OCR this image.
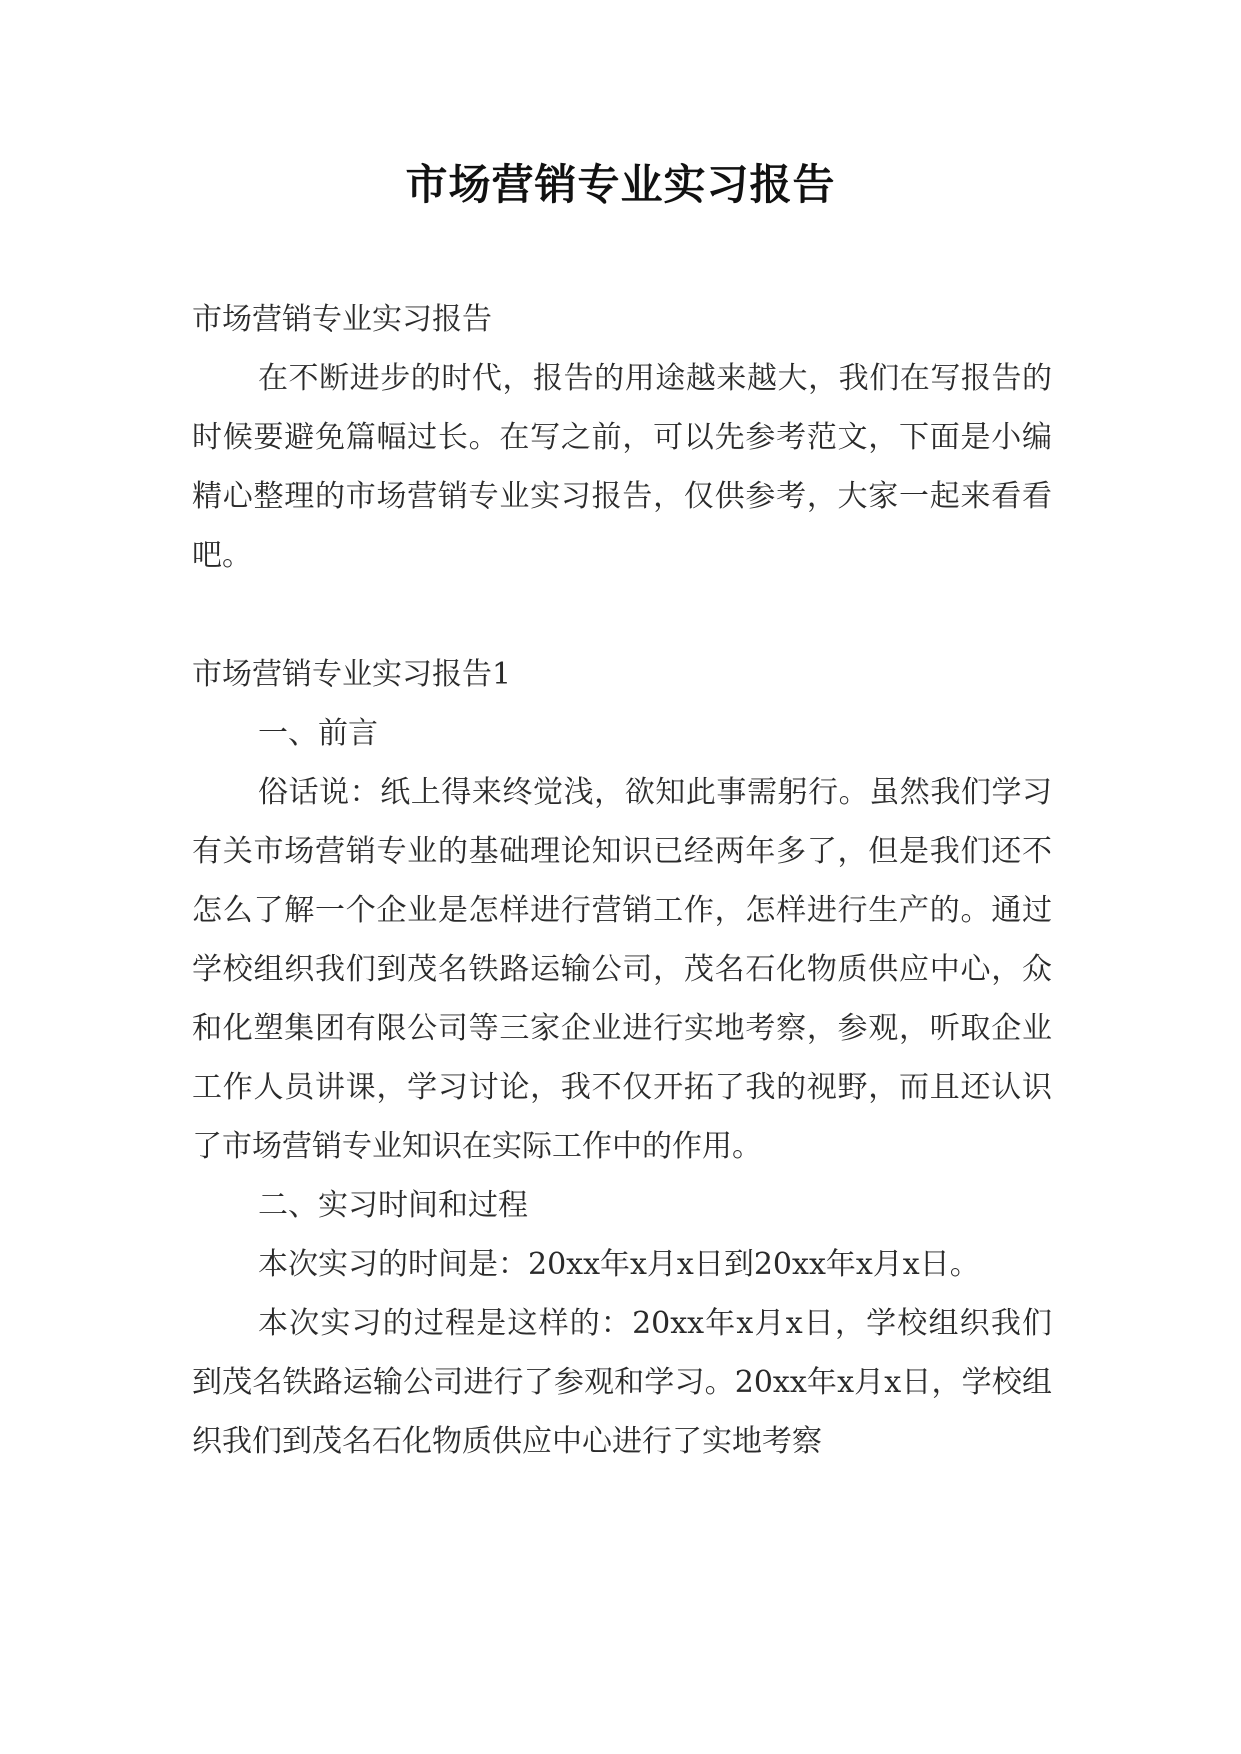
市场营销专业实习报告

市场营销专业实习报告

在不断进步的时代，报告的用途越来越大，我们在写报告的时候要避免篇幅过长。在写之前，可以先参考范文，下面是小编精心整理的市场营销专业实习报告，仅供参考，大家一起来看看吧。

市场营销专业实习报告1

一、前言

俗话说：纸上得来终觉浅，欲知此事需躬行。虽然我们学习有关市场营销专业的基础理论知识已经两年多了，但是我们还不怎么了解一个企业是怎样进行营销工作，怎样进行生产的。通过学校组织我们到茂名铁路运输公司，茂名石化物质供应中心，众和化塑集团有限公司等三家企业进行实地考察，参观，听取企业工作人员讲课，学习讨论，我不仅开拓了我的视野，而且还认识了市场营销专业知识在实际工作中的作用。

二、实习时间和过程

本次实习的时间是：20xx年x月x日到20xx年x月x日。

本次实习的过程是这样的：20xx年x月x日，学校组织我们到茂名铁路运输公司进行了参观和学习。20xx年x月x日，学校组织我们到茂名石化物质供应中心进行了实地考察
